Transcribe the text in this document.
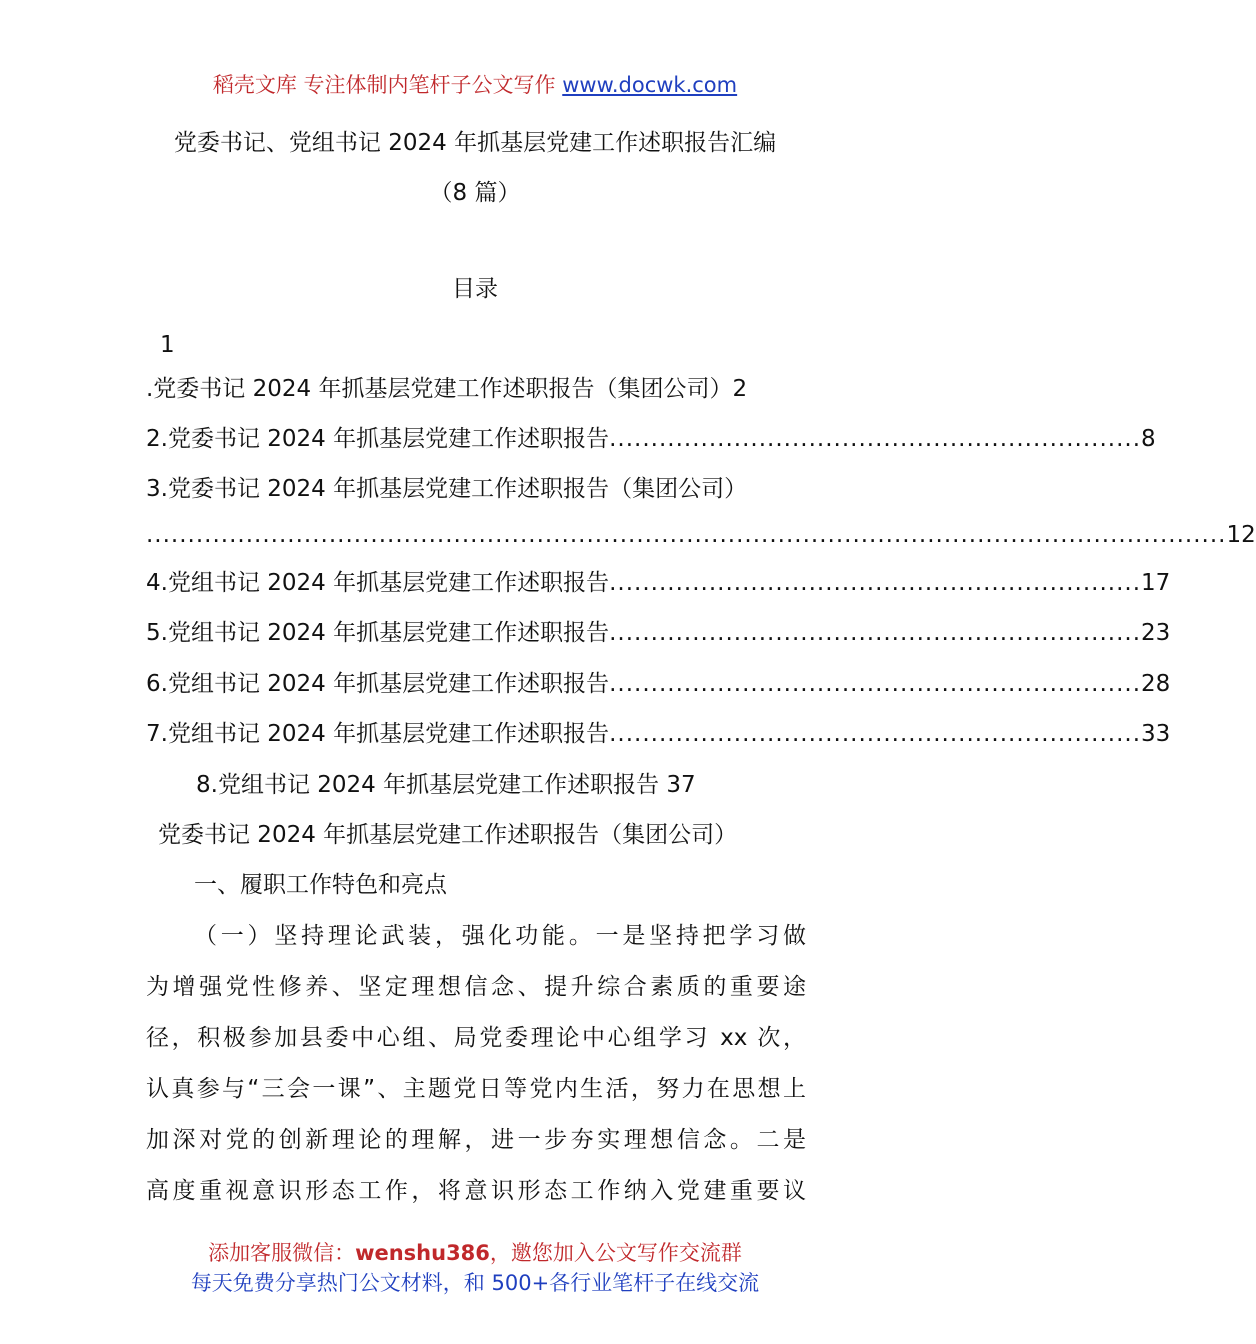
稻壳文库 专注体制内笔杆子公文写作 www.docwk.com
党委书记、党组书记 2024 年抓基层党建工作述职报告汇编
（8 篇）
目录
1
.党委书记 2024 年抓基层党建工作述职报告（集团公司）2
2.党委书记 2024 年抓基层党建工作述职报告 ................................................................ 8
3.党委书记 2024 年抓基层党建工作述职报告（集团公司）
.................................................................................................................................. 12
4.党组书记 2024 年抓基层党建工作述职报告 ................................................................ 17
5.党组书记 2024 年抓基层党建工作述职报告 ................................................................ 23
6.党组书记 2024 年抓基层党建工作述职报告 ................................................................ 28
7.党组书记 2024 年抓基层党建工作述职报告 ................................................................ 33
8.党组书记 2024 年抓基层党建工作述职报告 37
党委书记 2024 年抓基层党建工作述职报告（集团公司）
一、履职工作特色和亮点
（一）坚持理论武装，强化功能。一是坚持把学习做
为增强党性修养、坚定理想信念、提升综合素质的重要途
径，积极参加县委中心组、局党委理论中心组学习 xx 次，
认真参与“三会一课”、主题党日等党内生活，努力在思想上
加深对党的创新理论的理解，进一步夯实理想信念。二是
高度重视意识形态工作，将意识形态工作纳入党建重要议
添加客服微信：wenshu386，邀您加入公文写作交流群
每天免费分享热门公文材料，和 500+各行业笔杆子在线交流
